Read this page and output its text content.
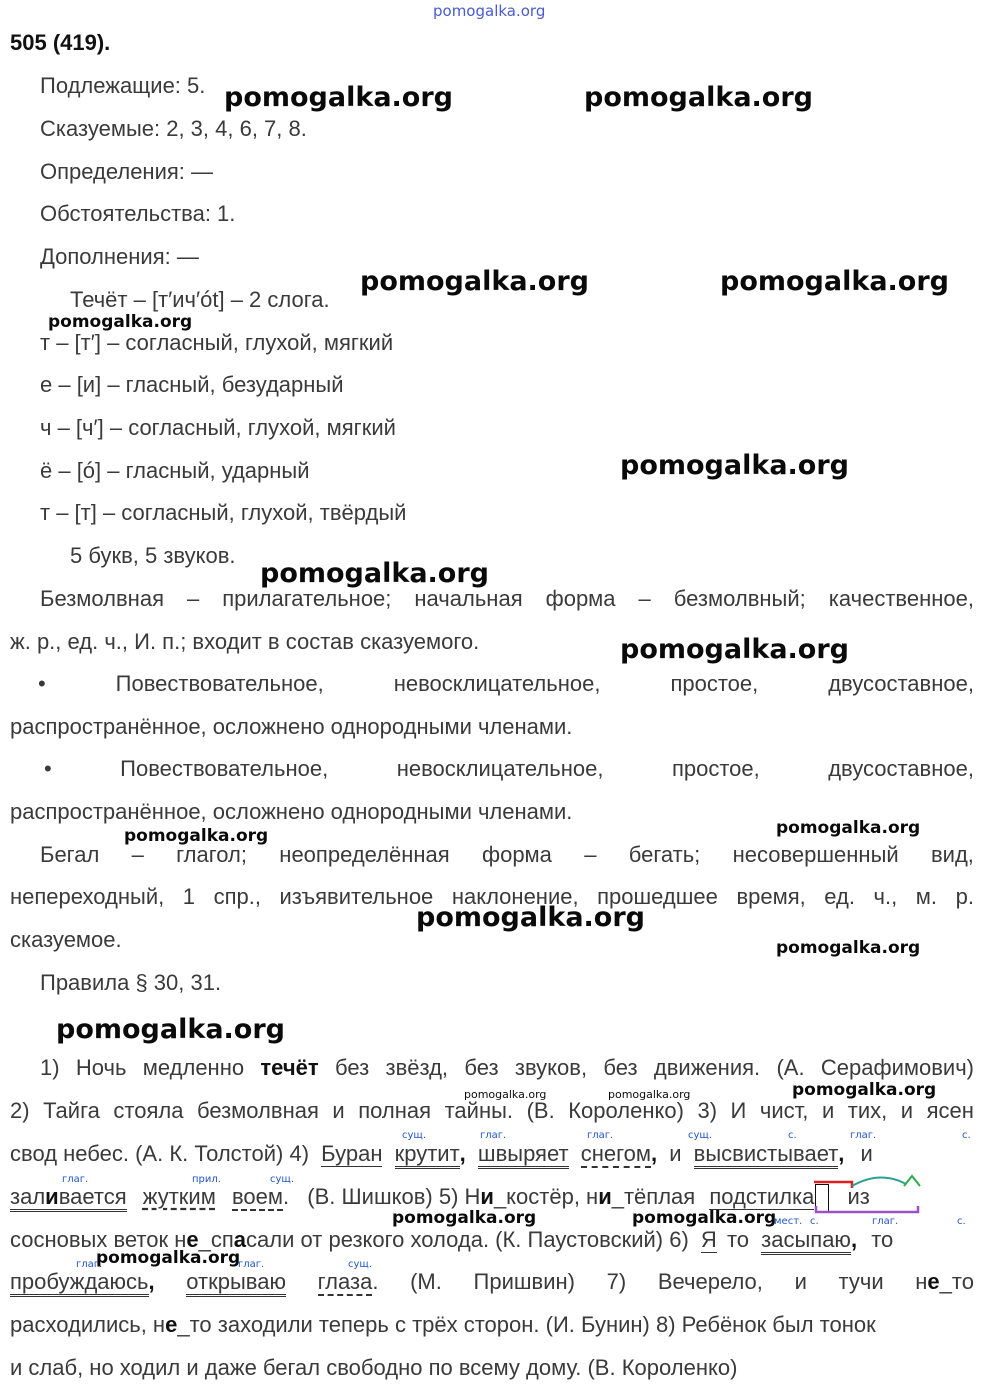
pomogalka.org
505 (419).
Подлежащие: 5.
Сказуемые: 2, 3, 4, 6, 7, 8.
Определения: —
Обстоятельства: 1.
Дополнения: —
Течёт – [т′ич′ót] – 2 слога.
т – [т′] – согласный, глухой, мягкий
е – [и] – гласный, безударный
ч – [ч′] – согласный, глухой, мягкий
ё – [ó] – гласный, ударный
т – [т] – согласный, глухой, твёрдый
5 букв, 5 звуков.
Безмолвная – прилагательное; начальная форма – безмолвный; качественное,
ж. р., ед. ч., И. п.; входит в состав сказуемого.
•	Повествовательное,	невосклицательное,	простое,	двусоставное,
распространённое, осложнено однородными членами.
•	Повествовательное,	невосклицательное,	простое,	двусоставное,
распространённое, осложнено однородными членами.
Бегал – глагол; неопределённая форма – бегать; несовершенный вид,
непереходный, 1 спр., изъявительное наклонение, прошедшее время, ед. ч., м. р.
сказуемое.
Правила § 30, 31.
1) Ночь медленно течёт без звёзд, без звуков, без движения. (А. Серафимович)
2) Тайга стояла безмолвная и полная тайны. (В. Короленко) 3) И чист, и тих, и ясен
свод небес. (А. К. Толстой) 4) Буран крутит, швыряет снегом, и высвистывает, и
заливается жутким воем. (В. Шишков) 5) Ни_костёр, ни_тёплая подстилка из
сосновых веток не_спасали от резкого холода. (К. Паустовский) 6) Я то засыпаю, то
пробуждаюсь, открываю глаза. (М. Пришвин) 7) Вечерело, и тучи не_то
расходились, не_то заходили теперь с трёх сторон. (И. Бунин) 8) Ребёнок был тонок
и слаб, но ходил и даже бегал свободно по всему дому. (В. Короленко)
сущ.	глаг.	глаг.	сущ.	с.	глаг.	с.
глаг.	прил.	сущ.
мест. с.	глаг.	с.
глаг.	глаг.	сущ.
pomogalka.org	pomogalka.org
pomogalka.org	pomogalka.org
pomogalka.org
pomogalka.org
pomogalka.org
pomogalka.org
pomogalka.org	pomogalka.org
pomogalka.org
pomogalka.org
pomogalka.org
pomogalka.org	pomogalka.org	pomogalka.org
pomogalka.org	pomogalka.org
pomogalka.org
